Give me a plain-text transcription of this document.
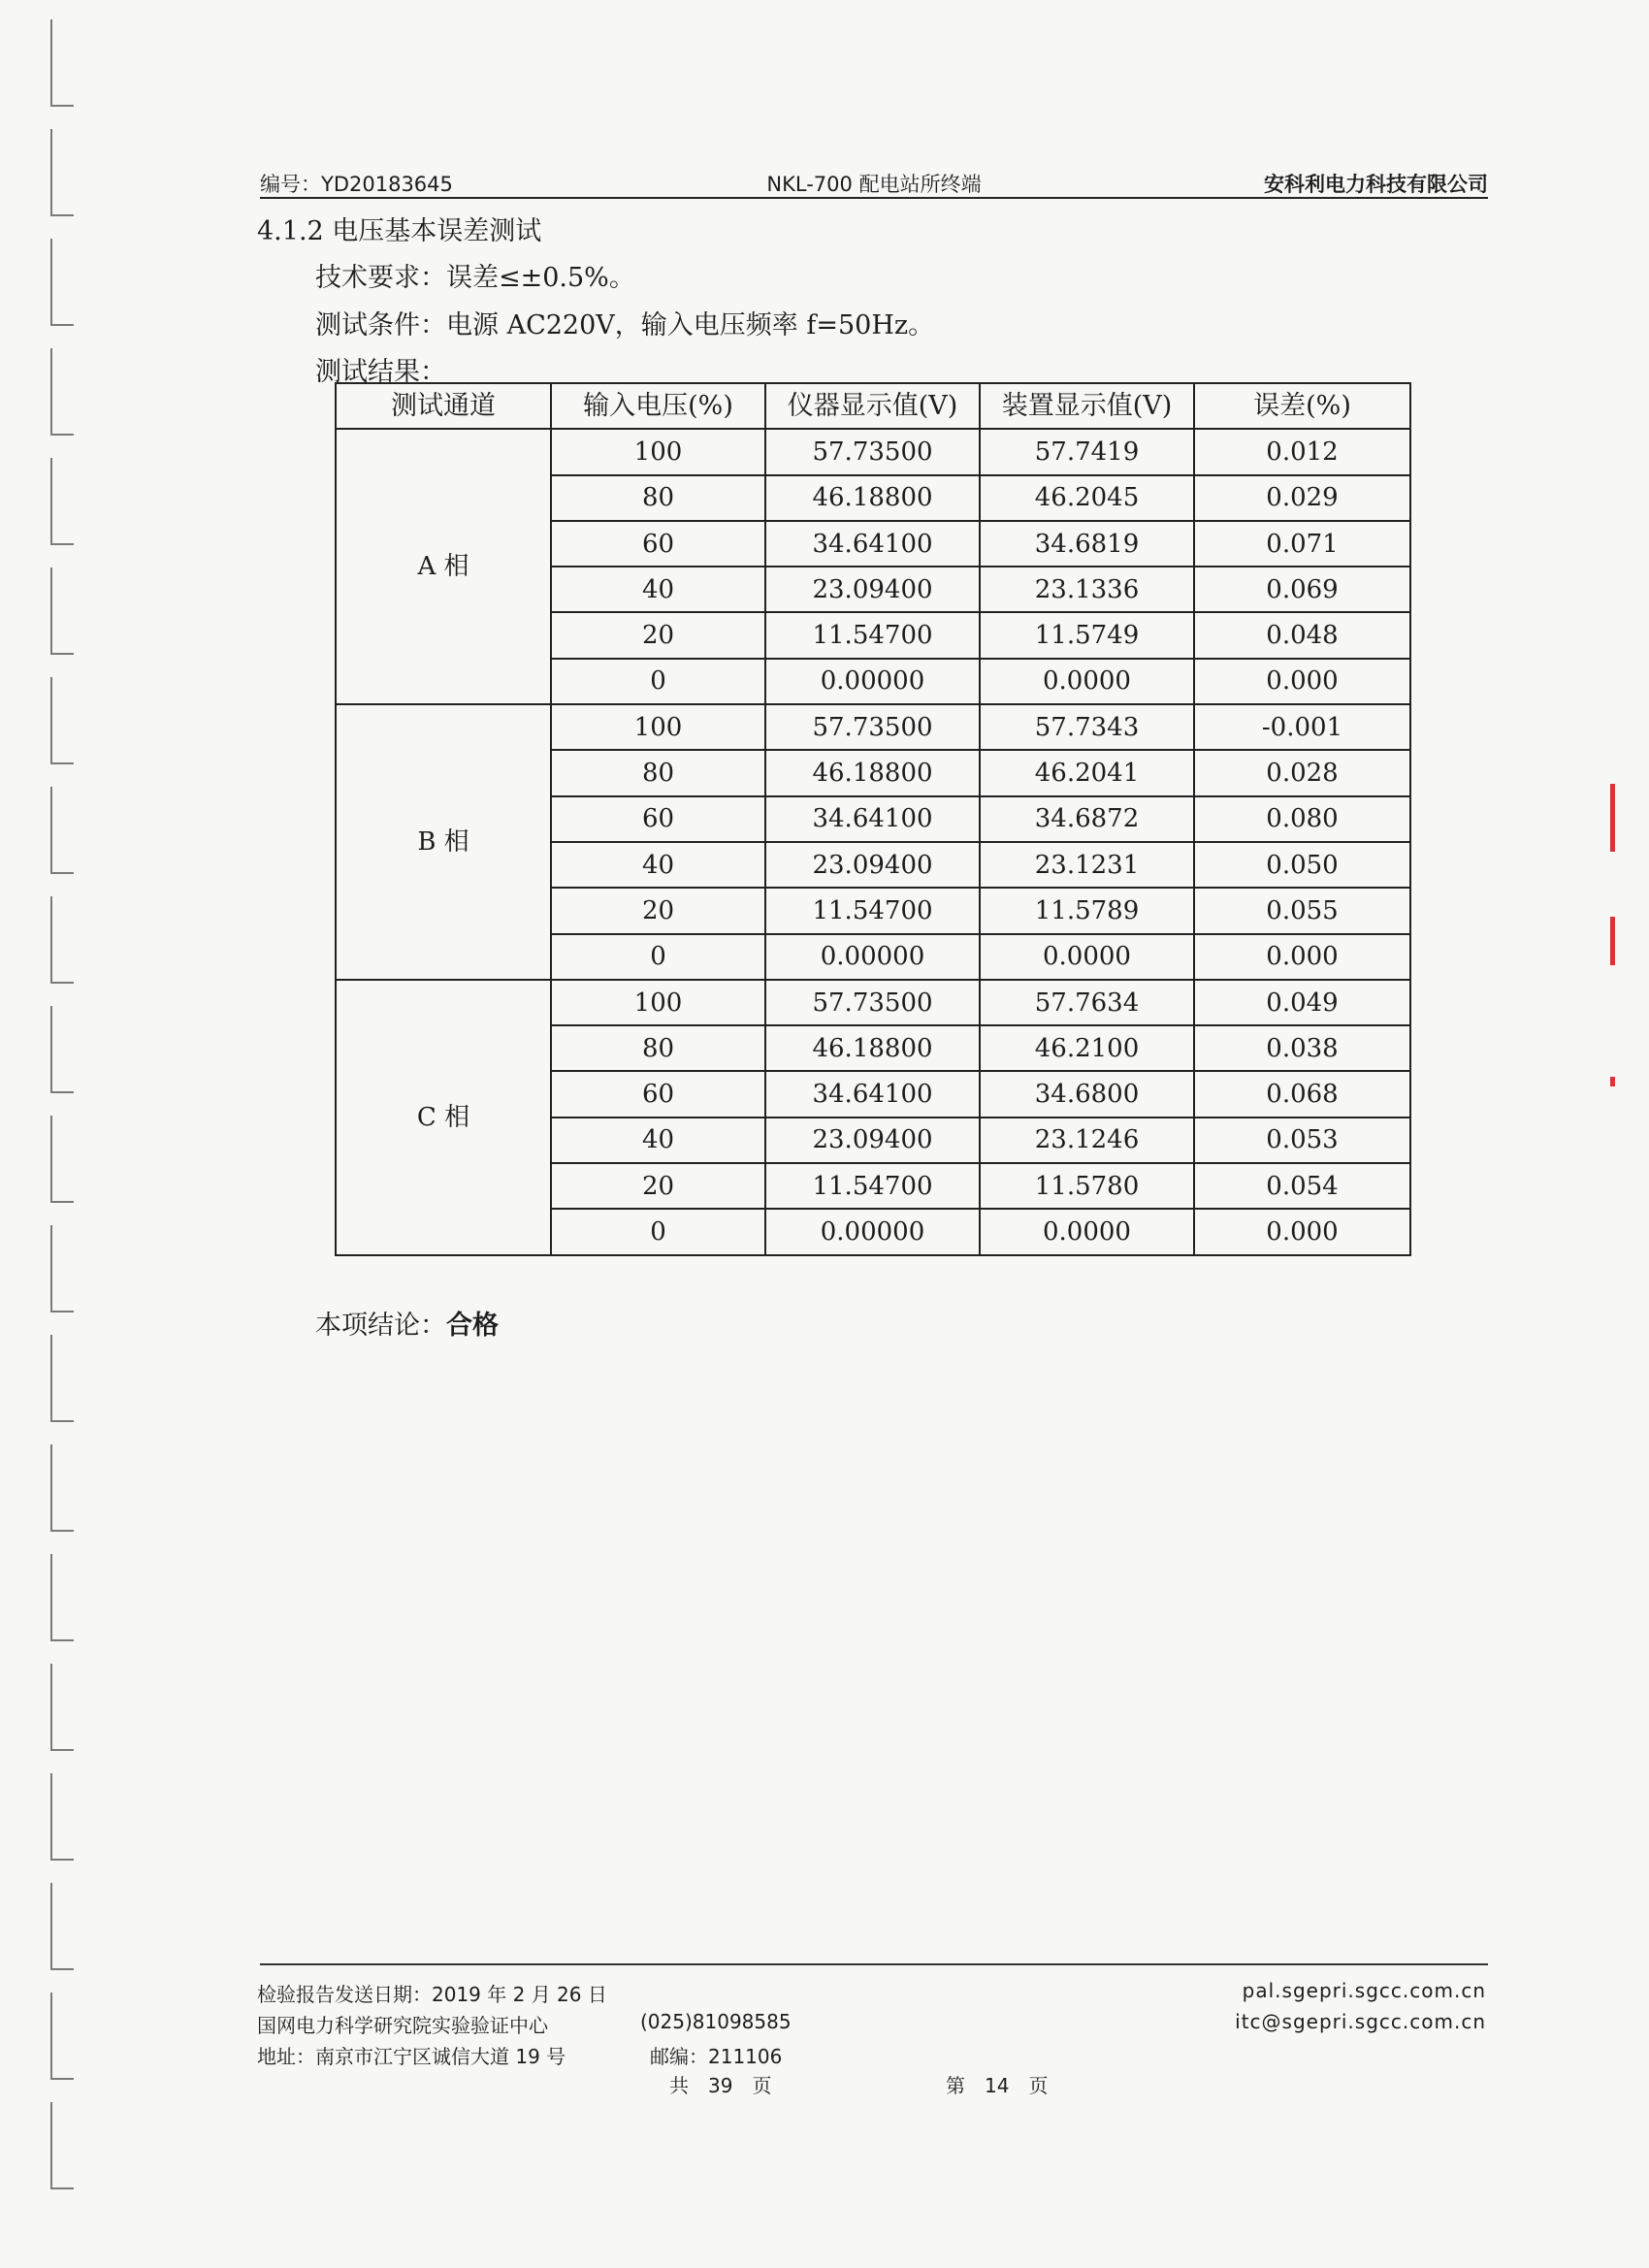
编号：YD20183645	NKL-700 配电站所终端	安科利电力科技有限公司
4.1.2 电压基本误差测试
技术要求：误差≤±0.5%。
测试条件：电源 AC220V，输入电压频率 f=50Hz。
测试结果：
测试通道	输入电压(%)	仪器显示值(V)	装置显示值(V)	误差(%)
A 相	100	57.73500	57.7419	0.012
	80	46.18800	46.2045	0.029
	60	34.64100	34.6819	0.071
	40	23.09400	23.1336	0.069
	20	11.54700	11.5749	0.048
	0	0.00000	0.0000	0.000
B 相	100	57.73500	57.7343	-0.001
	80	46.18800	46.2041	0.028
	60	34.64100	34.6872	0.080
	40	23.09400	23.1231	0.050
	20	11.54700	11.5789	0.055
	0	0.00000	0.0000	0.000
C 相	100	57.73500	57.7634	0.049
	80	46.18800	46.2100	0.038
	60	34.64100	34.6800	0.068
	40	23.09400	23.1246	0.053
	20	11.54700	11.5780	0.054
	0	0.00000	0.0000	0.000
本项结论：合格
检验报告发送日期：2019 年 2 月 26 日
国网电力科学研究院实验验证中心	(025)81098585
地址：南京市江宁区诚信大道 19 号	邮编：211106
pal.sgepri.sgcc.com.cn
itc@sgepri.sgcc.com.cn
共　39　页	第　14　页
